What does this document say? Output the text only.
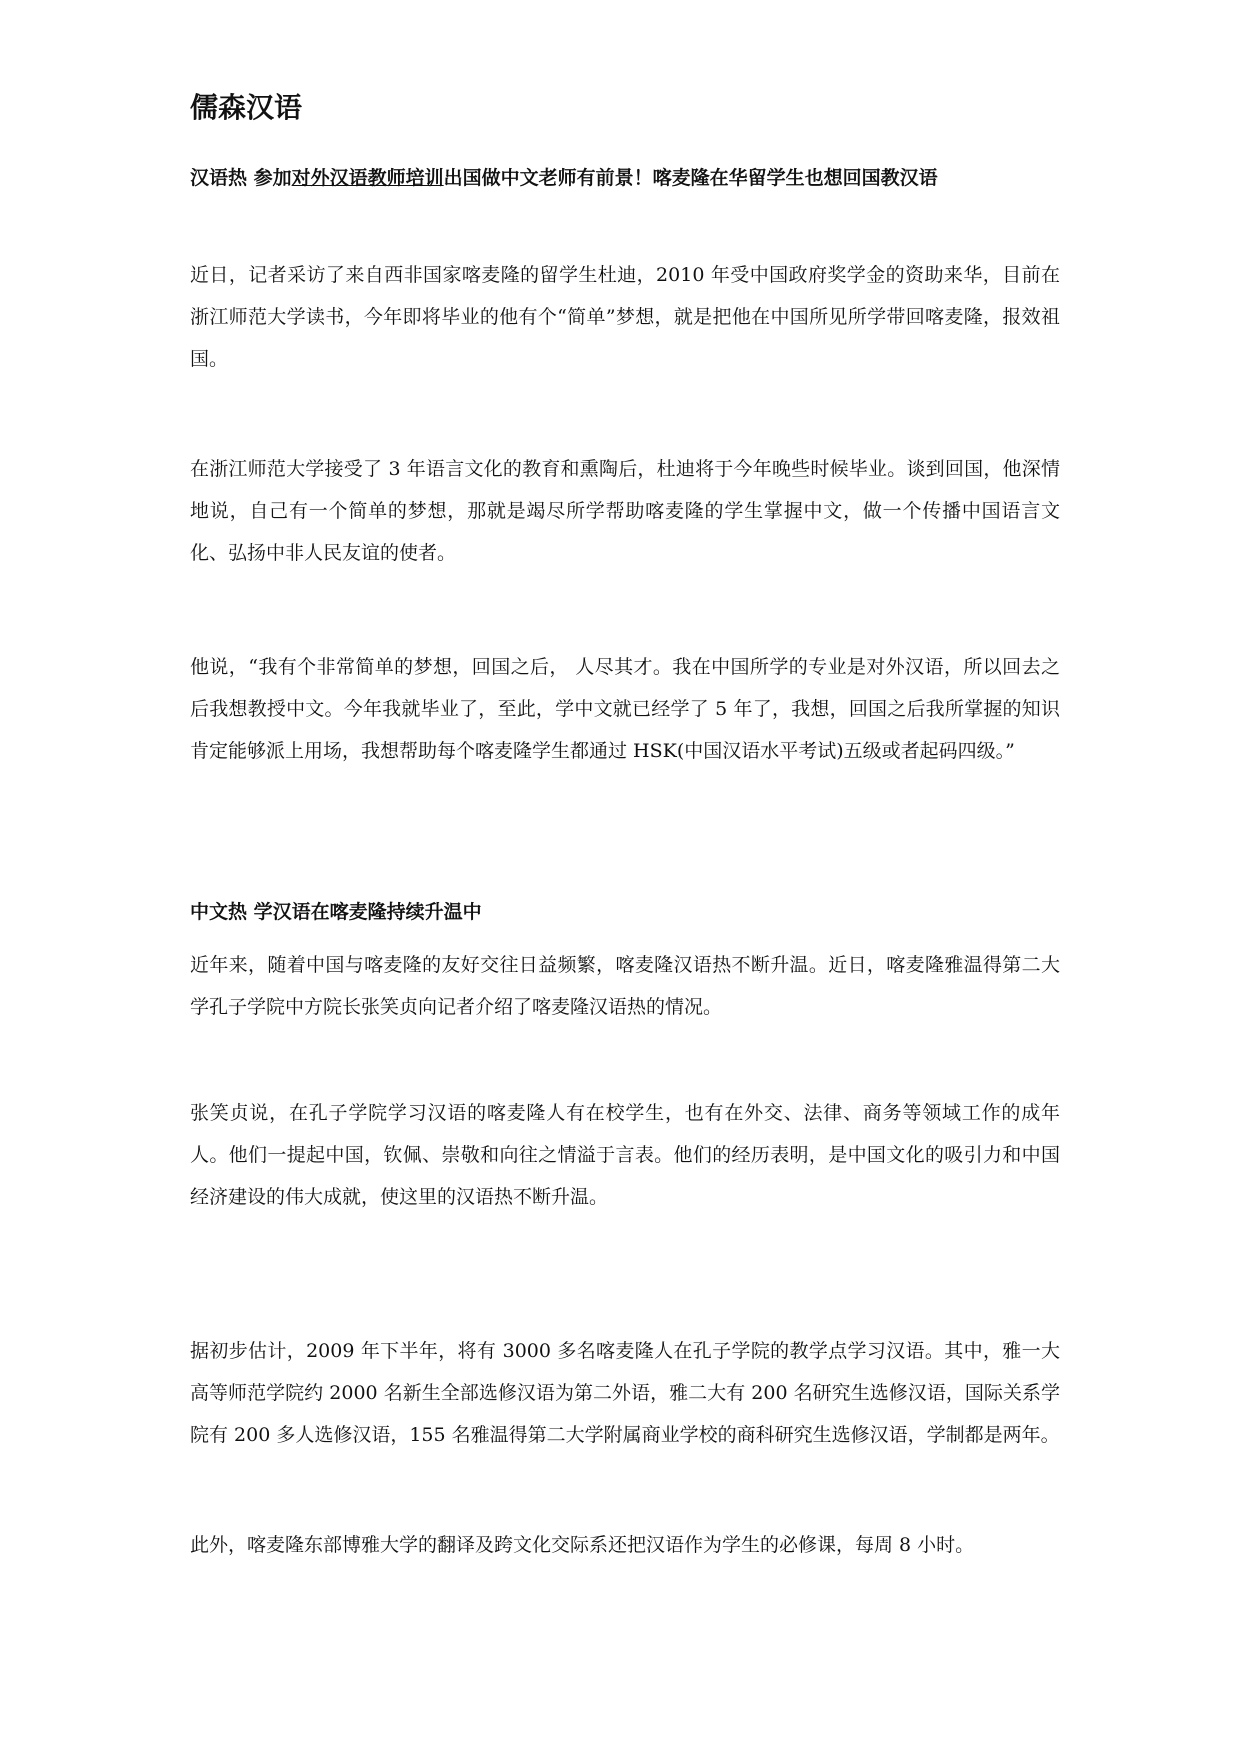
儒森汉语

汉语热 参加对外汉语教师培训出国做中文老师有前景！喀麦隆在华留学生也想回国教汉语

近日，记者采访了来自西非国家喀麦隆的留学生杜迪，2010 年受中国政府奖学金的资助来华，目前在浙江师范大学读书，今年即将毕业的他有个“简单”梦想，就是把他在中国所见所学带回喀麦隆，报效祖国。

在浙江师范大学接受了 3 年语言文化的教育和熏陶后，杜迪将于今年晚些时候毕业。谈到回国，他深情地说，自己有一个简单的梦想，那就是竭尽所学帮助喀麦隆的学生掌握中文，做一个传播中国语言文化、弘扬中非人民友谊的使者。

他说，“我有个非常简单的梦想，回国之后， 人尽其才。我在中国所学的专业是对外汉语，所以回去之后我想教授中文。今年我就毕业了，至此，学中文就已经学了 5 年了，我想，回国之后我所掌握的知识肯定能够派上用场，我想帮助每个喀麦隆学生都通过 HSK(中国汉语水平考试)五级或者起码四级。”

中文热 学汉语在喀麦隆持续升温中

近年来，随着中国与喀麦隆的友好交往日益频繁，喀麦隆汉语热不断升温。近日，喀麦隆雅温得第二大学孔子学院中方院长张笑贞向记者介绍了喀麦隆汉语热的情况。

张笑贞说，在孔子学院学习汉语的喀麦隆人有在校学生，也有在外交、法律、商务等领域工作的成年人。他们一提起中国，钦佩、崇敬和向往之情溢于言表。他们的经历表明，是中国文化的吸引力和中国经济建设的伟大成就，使这里的汉语热不断升温。

据初步估计，2009 年下半年，将有 3000 多名喀麦隆人在孔子学院的教学点学习汉语。其中，雅一大高等师范学院约 2000 名新生全部选修汉语为第二外语，雅二大有 200 名研究生选修汉语，国际关系学院有 200 多人选修汉语，155 名雅温得第二大学附属商业学校的商科研究生选修汉语，学制都是两年。

此外，喀麦隆东部博雅大学的翻译及跨文化交际系还把汉语作为学生的必修课，每周 8 小时。
